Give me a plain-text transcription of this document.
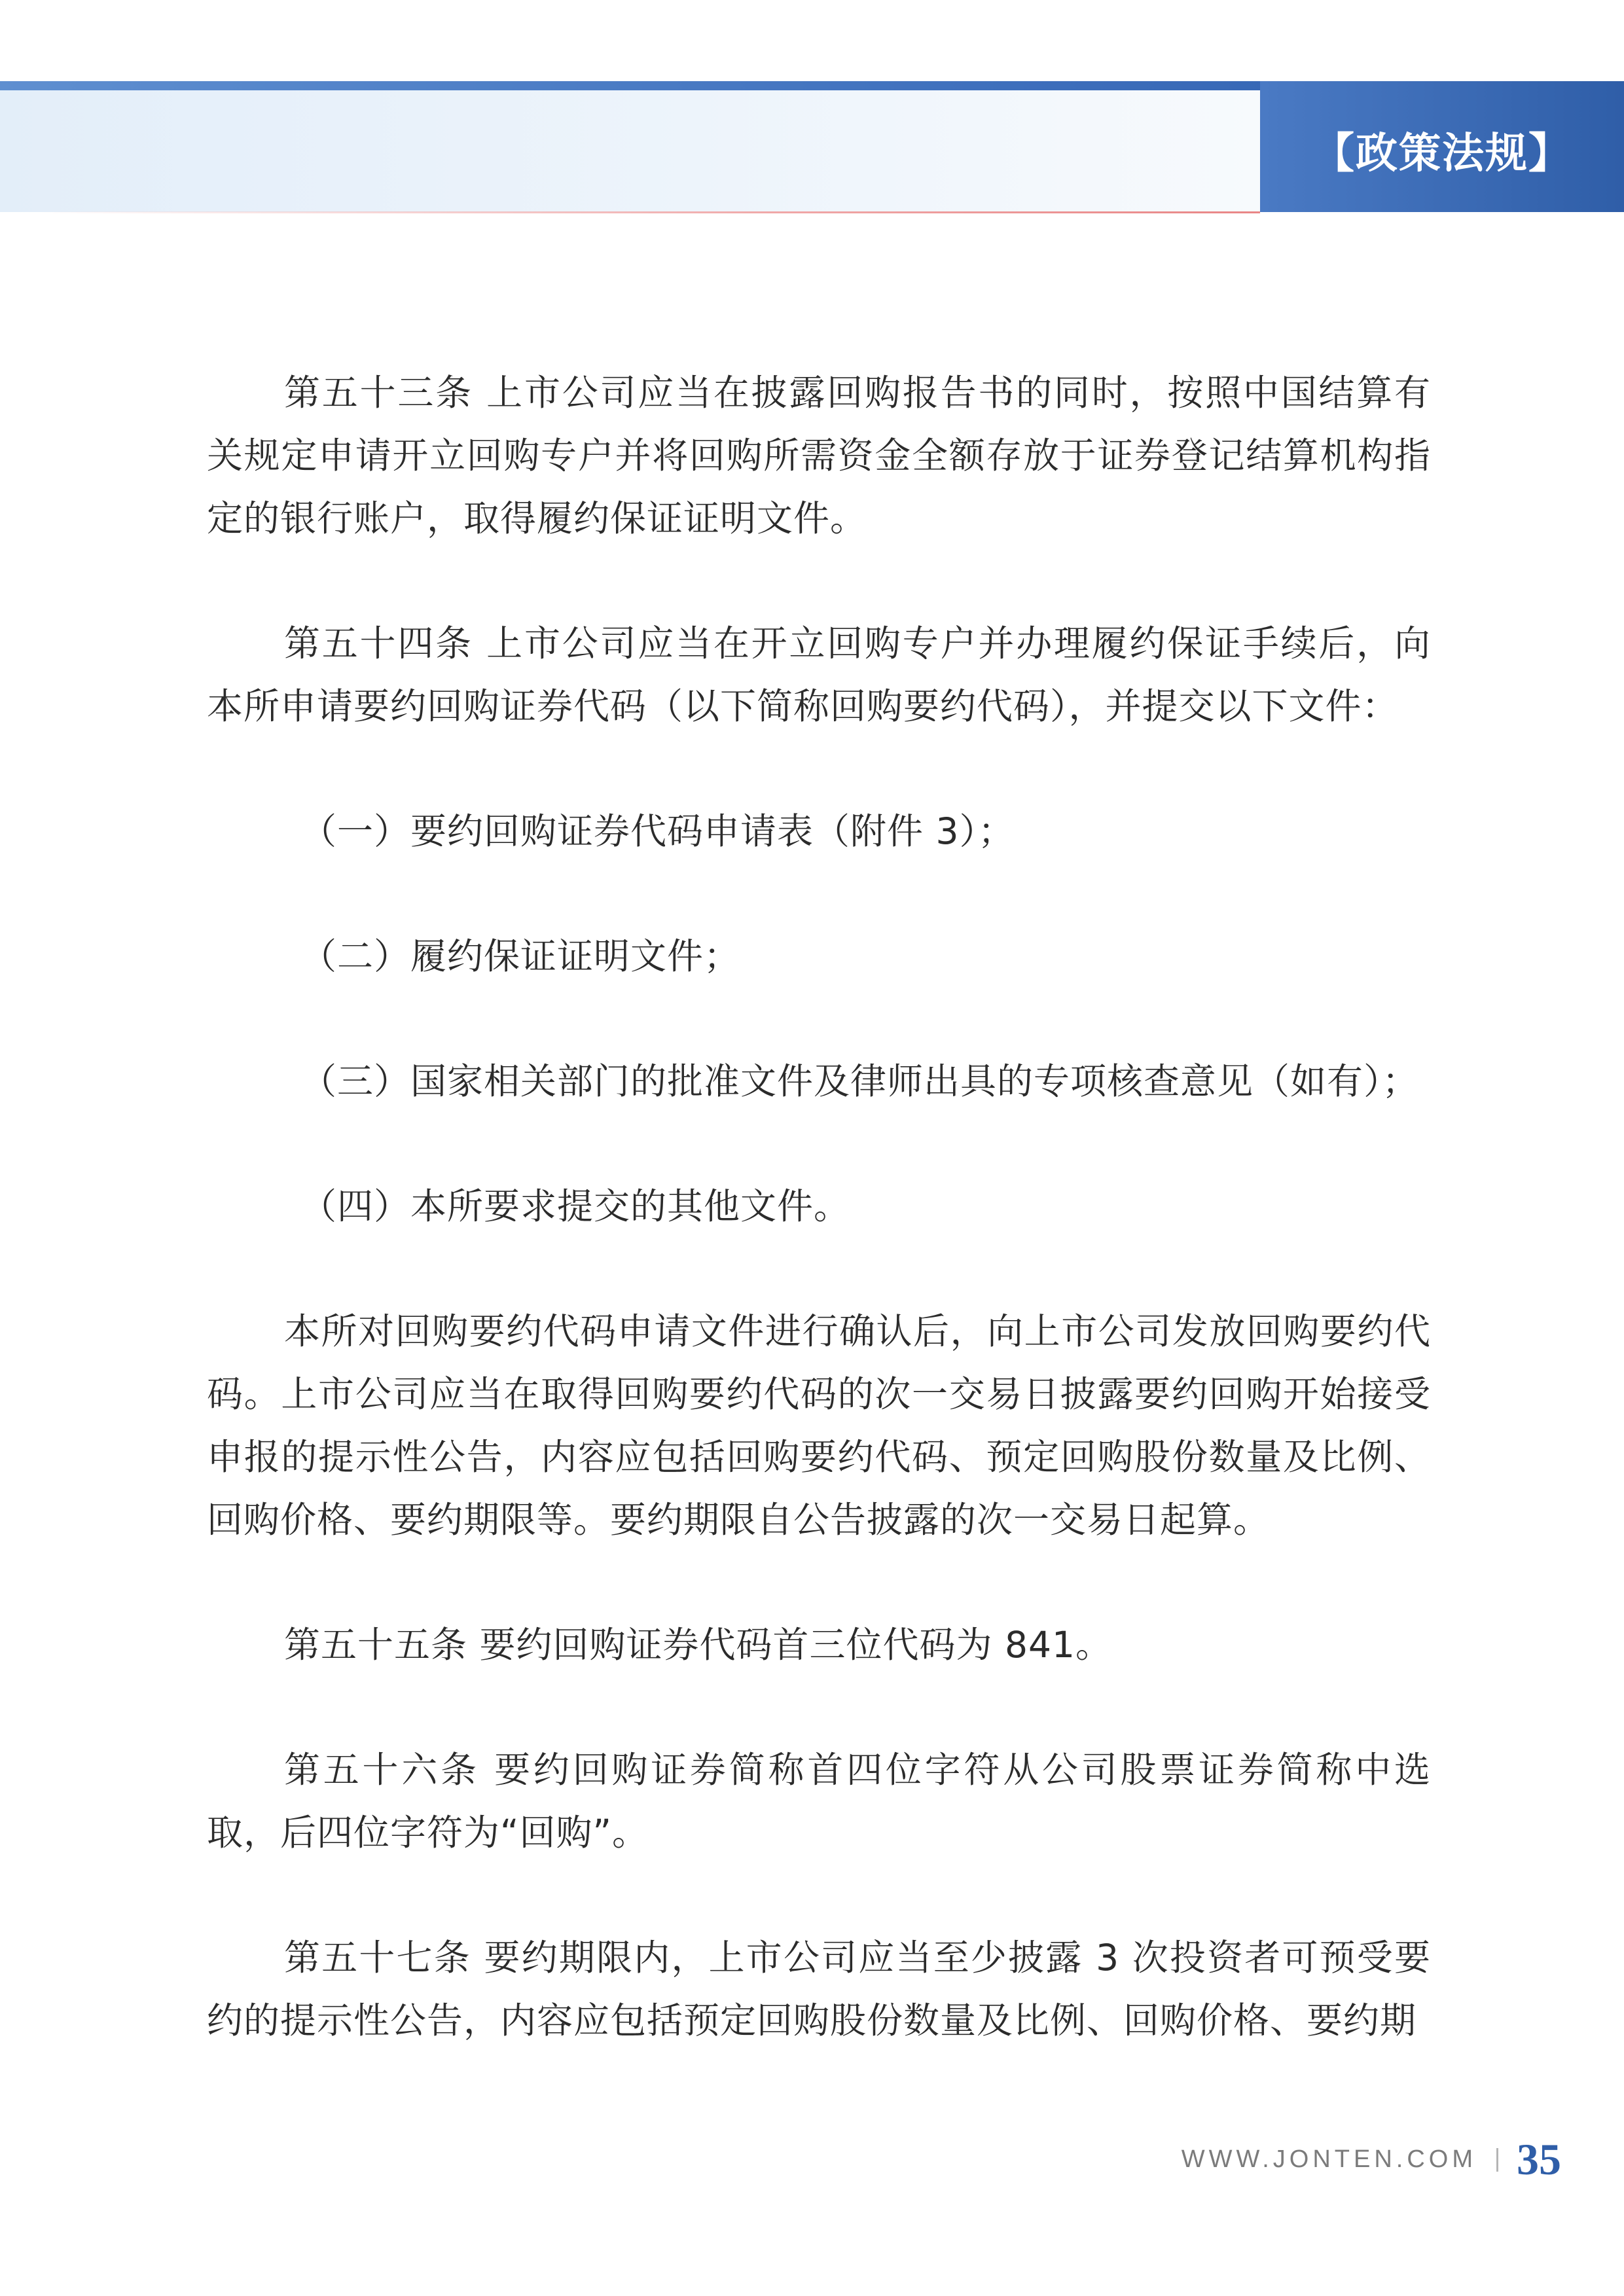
【政策法规】

第五十三条 上市公司应当在披露回购报告书的同时，按照中国结算有关规定申请开立回购专户并将回购所需资金全额存放于证券登记结算机构指定的银行账户，取得履约保证证明文件。

第五十四条 上市公司应当在开立回购专户并办理履约保证手续后，向本所申请要约回购证券代码（以下简称回购要约代码），并提交以下文件：

（一）要约回购证券代码申请表（附件 3）；

（二）履约保证证明文件；

（三）国家相关部门的批准文件及律师出具的专项核查意见（如有）；

（四）本所要求提交的其他文件。

本所对回购要约代码申请文件进行确认后，向上市公司发放回购要约代码。上市公司应当在取得回购要约代码的次一交易日披露要约回购开始接受申报的提示性公告，内容应包括回购要约代码、预定回购股份数量及比例、回购价格、要约期限等。要约期限自公告披露的次一交易日起算。

第五十五条 要约回购证券代码首三位代码为 841。

第五十六条 要约回购证券简称首四位字符从公司股票证券简称中选取，后四位字符为“回购”。

第五十七条 要约期限内，上市公司应当至少披露 3 次投资者可预受要约的提示性公告，内容应包括预定回购股份数量及比例、回购价格、要约期

WWW.JONTEN.COM 35
